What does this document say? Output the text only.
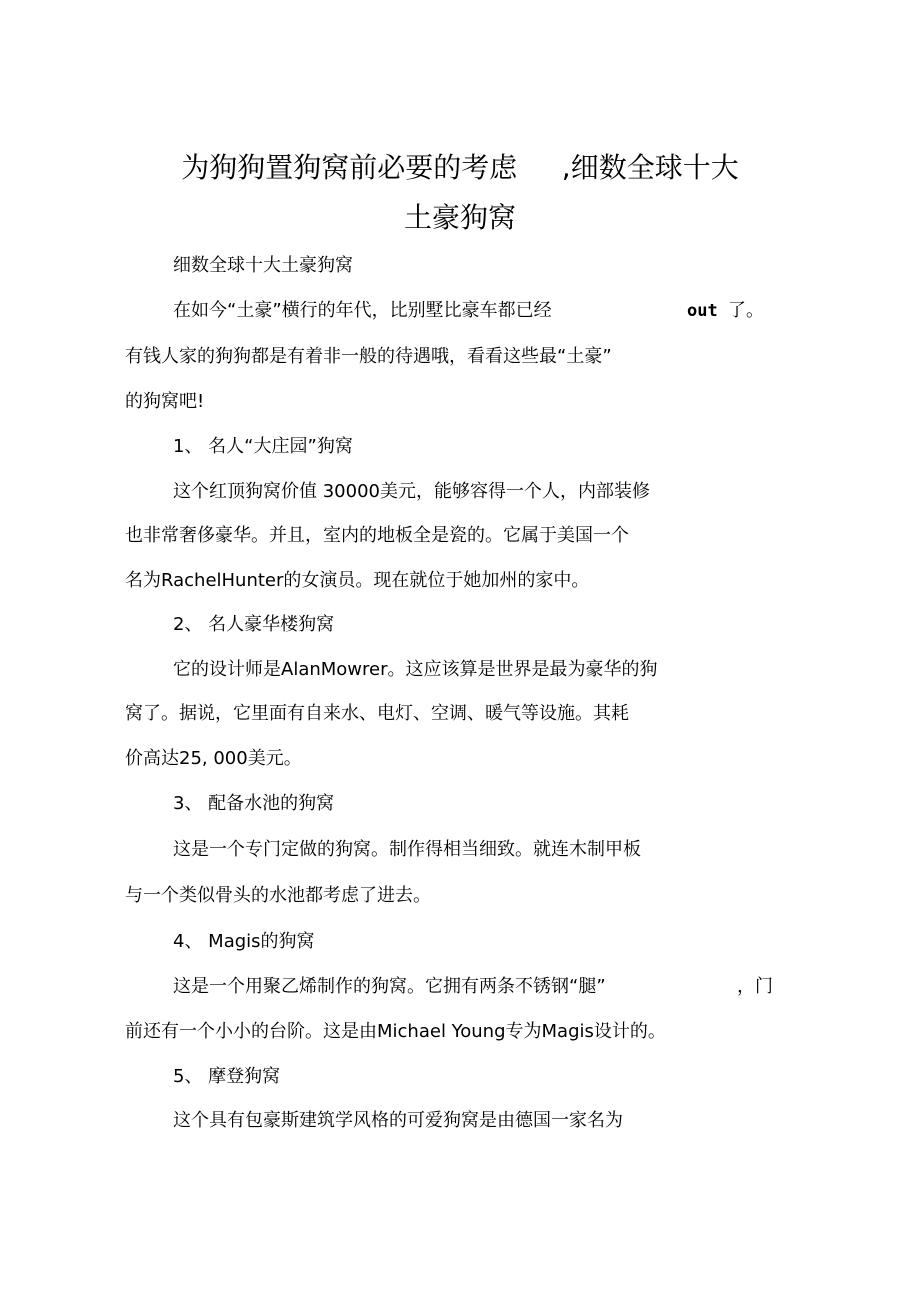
为狗狗置狗窝前必要的考虑     ,细数全球十大
土豪狗窝
细数全球十大土豪狗窝
在如今“土豪”横行的年代，比别墅比豪车都已经	out 了。
有钱人家的狗狗都是有着非一般的待遇哦，看看这些最“土豪”
的狗窝吧!
1、 名人“大庄园”狗窝
这个红顶狗窝价值 30000美元，能够容得一个人，内部装修
也非常奢侈豪华。并且，室内的地板全是瓷的。它属于美国一个
名为RachelHunter的女演员。现在就位于她加州的家中。
2、 名人豪华楼狗窝
它的设计师是AlanMowrer。这应该算是世界是最为豪华的狗
窝了。据说，它里面有自来水、电灯、空调、暖气等设施。其耗
价高达25, 000美元。
3、 配备水池的狗窝
这是一个专门定做的狗窝。制作得相当细致。就连木制甲板
与一个类似骨头的水池都考虑了进去。
4、 Magis的狗窝
这是一个用聚乙烯制作的狗窝。它拥有两条不锈钢“腿”	，门
前还有一个小小的台阶。这是由Michael Young专为Magis设计的。
5、 摩登狗窝
这个具有包豪斯建筑学风格的可爱狗窝是由德国一家名为
